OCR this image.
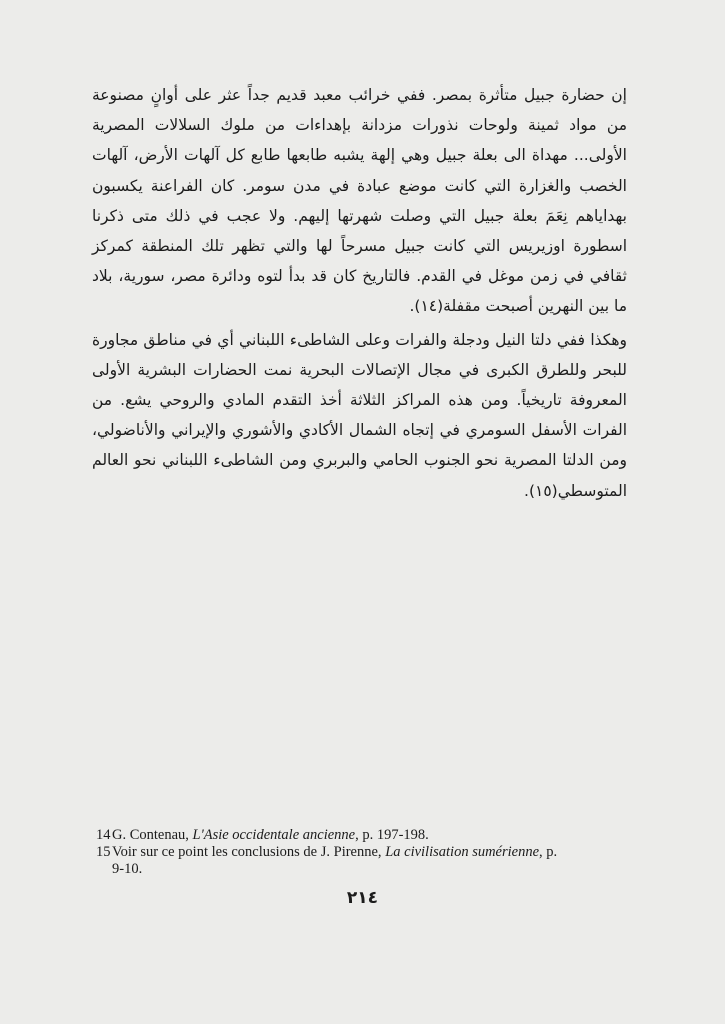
إن حضارة جبيل متأثرة بمصر. ففي خرائب معبد قديم جداً عثر على أوانٍ مصنوعة من مواد ثمينة ولوحات نذورات مزدانة بإهداءات من ملوك السلالات المصرية الأولى... مهداة الى بعلة جبيل وهي إلهة يشبه طابعها طابع كل آلهات الأرض، آلهات الخصب والغزارة التي كانت موضع عبادة في مدن سومر. كان الفراعنة يكسبون بهداياهم نِعَمَ بعلة جبيل التي وصلت شهرتها إليهم. ولا عجب في ذلك متى ذكرنا اسطورة اوزيريس التي كانت جبيل مسرحاً لها والتي تظهر تلك المنطقة كمركز ثقافي في زمن موغل في القدم. فالتاريخ كان قد بدأ لتوه ودائرة مصر، سورية، بلاد ما بين النهرين أصبحت مقفلة(١٤).

وهكذا ففي دلتا النيل ودجلة والفرات وعلى الشاطىء اللبناني أي في مناطق مجاورة للبحر وللطرق الكبرى في مجال الإتصالات البحرية نمت الحضارات البشرية الأولى المعروفة تاريخياً. ومن هذه المراكز الثلاثة أخذ التقدم المادي والروحي يشع. من الفرات الأسفل السومري في إتجاه الشمال الأكادي والأشوري والإيراني والأناضولي، ومن الدلتا المصرية نحو الجنوب الحامي والبربري ومن الشاطىء اللبناني نحو العالم المتوسطي(١٥).

14 G. Contenau, L'Asie occidentale ancienne, p. 197-198.
15 Voir sur ce point les conclusions de J. Pirenne, La civilisation sumérienne, p.
9-10.
٢١٤
